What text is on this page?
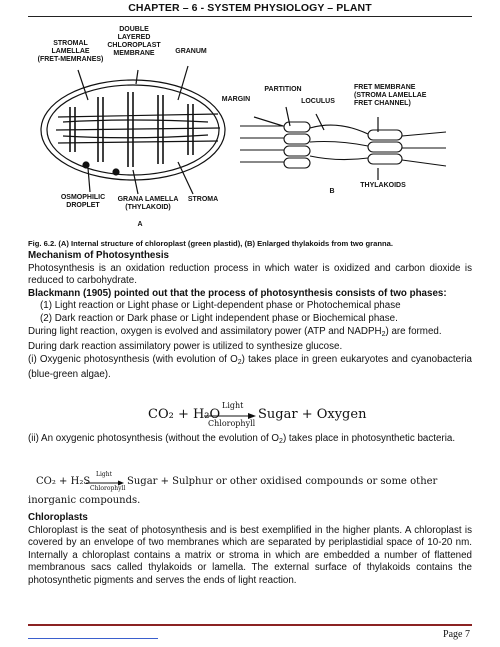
CHAPTER – 6 - SYSTEM PHYSIOLOGY – PLANT
STROMAL
LAMELLAE
(FRET-MEMRANES)
DOUBLE
LAYERED
CHLOROPLAST
MEMBRANE	GRANUM
MARGIN
PARTITION
LOCULUS
FRET MEMBRANE
(STROMA LAMELLAE
FRET CHANNEL)
THYLAKOIDS
B
OSMOPHILIC
DROPLET
GRANA LAMELLA
(THYLAKOID)
STROMA
A
Fig. 6.2. (A) Internal structure of chloroplast (green plastid), (B) Enlarged thylakoids from two granna.

Mechanism of Photosynthesis

Photosynthesis is an oxidation reduction process in which water is oxidized and carbon dioxide is reduced to carbohydrate.

Blackmann (1905) pointed out that the process of photosynthesis consists of two phases:

(1) Light reaction or Light phase or Light-dependent phase or Photochemical phase

(2) Dark reaction or Dark phase or Light independent phase or Biochemical phase.

During light reaction, oxygen is evolved and assimilatory power (ATP and $NADPH_2$) are formed.

During dark reaction assimilatory power is utilized to synthesize glucose.

(i) Oxygenic photosynthesis (with evolution of $O_2$) takes place in green eukaryotes and cyanobacteria (blue-green algae).

CO₂ + H₂O
Light
Chlorophyll
Sugar + Oxygen

(ii) An oxygenic photosynthesis (without the evolution of $O_2$) takes place in photosynthetic bacteria.

CO₂ + H₂S
Light
Chlorophyll
Sugar + Sulphur or other oxidised compounds or some other
inorganic compounds.

Chloroplasts

Chloroplast is the seat of photosynthesis and is best exemplified in the higher plants. A chloroplast is covered by an envelope of two membranes which are separated by periplastidial space of 10-20 nm. Internally a chloroplast contains a matrix or stroma in which are embedded a number of flattened membranous sacs called thylakoids or lamella. The external surface of thylakoids contains the photosynthetic pigments and serves the ends of light reaction.

Page 7
